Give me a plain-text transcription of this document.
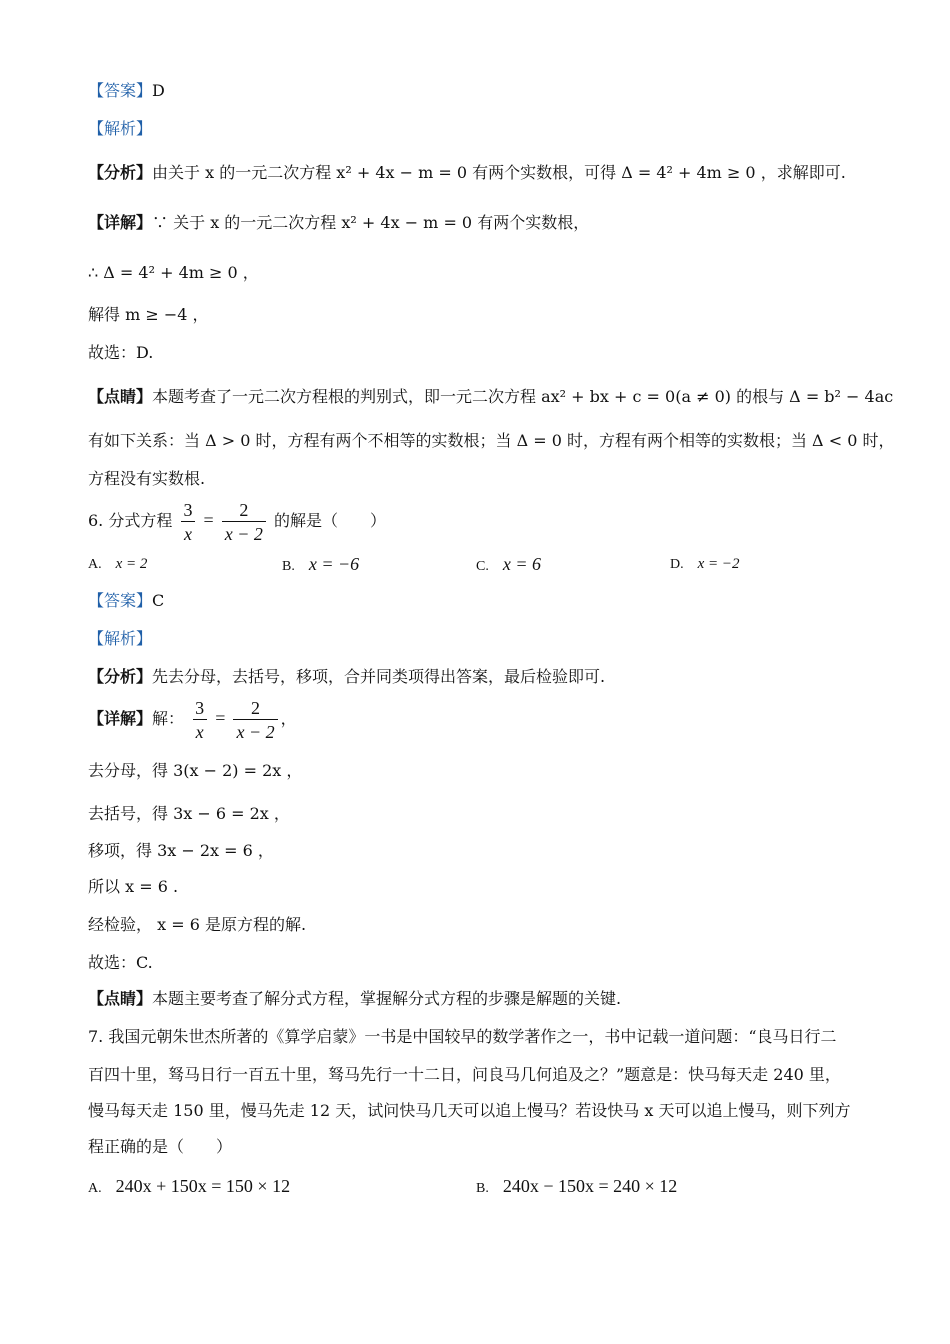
【答案】D
【解析】
【分析】由关于 x 的一元二次方程 x² + 4x − m = 0 有两个实数根，可得 Δ = 4² + 4m ≥ 0 ，求解即可.
【详解】∵ 关于 x 的一元二次方程 x² + 4x − m = 0 有两个实数根，
∴ Δ = 4² + 4m ≥ 0 ，
解得 m ≥ −4 ，
故选：D.
【点睛】本题考查了一元二次方程根的判别式，即一元二次方程 ax² + bx + c = 0(a ≠ 0) 的根与 Δ = b² − 4ac
有如下关系：当 Δ > 0 时，方程有两个不相等的实数根；当 Δ = 0 时，方程有两个相等的实数根；当 Δ < 0 时，
方程没有实数根.
6. 分式方程 $\frac{3}{x} = \frac{2}{x - 2}$ 的解是（　　）
A. x = 2	B. x = −6	C. x = 6	D. x = −2
【答案】C
【解析】
【分析】先去分母，去括号，移项，合并同类项得出答案，最后检验即可.
【详解】解： $\frac{3}{x} = \frac{2}{x - 2}$ ，
去分母，得 3(x − 2) = 2x ，
去括号，得 3x − 6 = 2x ，
移项，得 3x − 2x = 6 ，
所以 x = 6 .
经检验， x = 6 是原方程的解.
故选：C.
【点睛】本题主要考查了解分式方程，掌握解分式方程的步骤是解题的关键.
7. 我国元朝朱世杰所著的《算学启蒙》一书是中国较早的数学著作之一，书中记载一道问题：“良马日行二
百四十里，驽马日行一百五十里，驽马先行一十二日，问良马几何追及之？”题意是：快马每天走 240 里，
慢马每天走 150 里，慢马先走 12 天，试问快马几天可以追上慢马？若设快马 x 天可以追上慢马，则下列方
程正确的是（　　）
A. 240x + 150x = 150 × 12	B. 240x − 150x = 240 × 12
